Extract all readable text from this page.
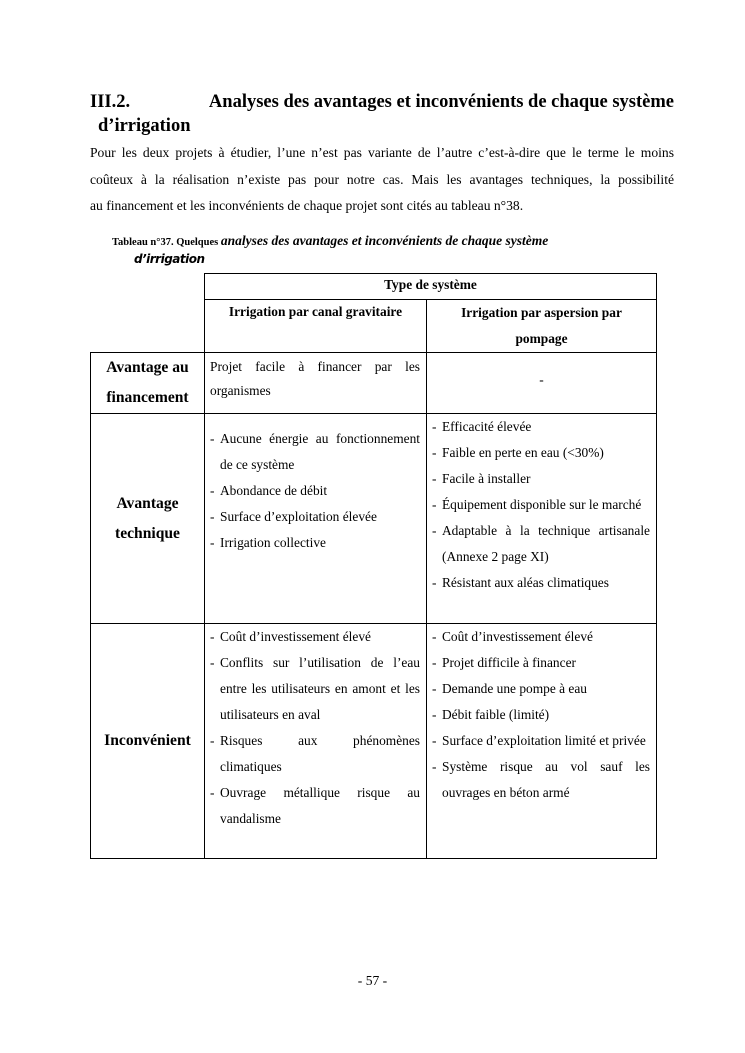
III.2.	Analyses des avantages et inconvénients de chaque système
d’irrigation
Pour les deux projets à étudier, l’une n’est pas variante de l’autre c’est-à-dire que le terme le moins
coûteux à la réalisation n’existe pas pour notre cas. Mais les avantages techniques, la possibilité
au financement et les inconvénients de chaque projet sont cités au tableau n°38.
Tableau n°37. Quelques analyses des avantages et inconvénients de chaque système
d’irrigation
Type de système
Irrigation par canal gravitaire	Irrigation par aspersion par pompage
Avantage au financement
Projet facile à financer par les organismes
-
Avantage technique
- Aucune énergie au fonctionnement de ce système
- Abondance de débit
- Surface d’exploitation élevée
- Irrigation collective
- Efficacité élevée
- Faible en perte en eau (<30%)
- Facile à installer
- Équipement disponible sur le marché
- Adaptable à la technique artisanale (Annexe 2 page XI)
- Résistant aux aléas climatiques
Inconvénient
- Coût d’investissement élevé
- Conflits sur l’utilisation de l’eau entre les utilisateurs en amont et les utilisateurs en aval
- Risques aux phénomènes climatiques
- Ouvrage métallique risque au vandalisme
- Coût d’investissement élevé
- Projet difficile à financer
- Demande une pompe à eau
- Débit faible (limité)
- Surface d’exploitation limité et privée
- Système risque au vol sauf les ouvrages en béton armé
- 57 -
